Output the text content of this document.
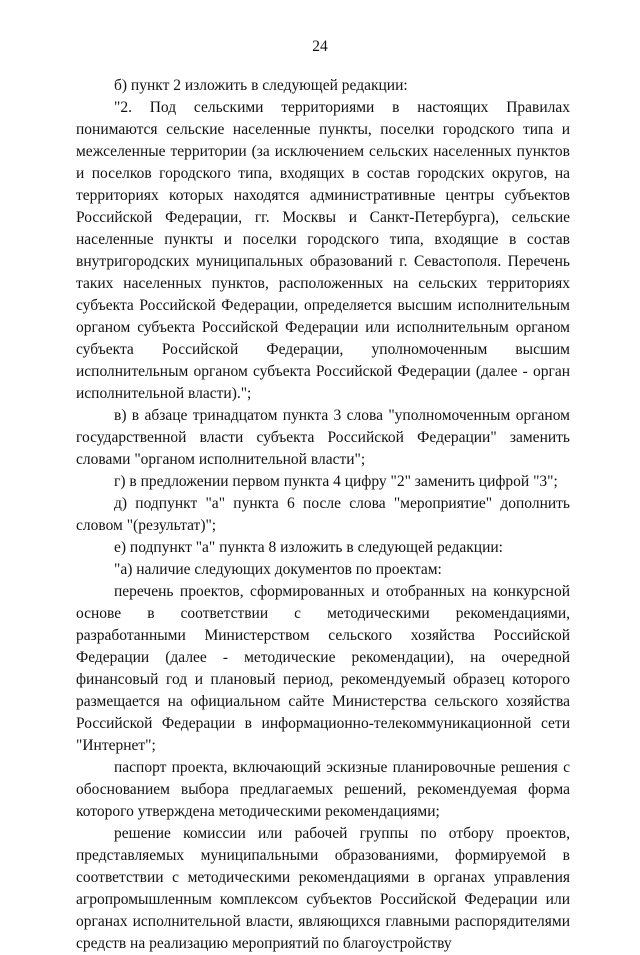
24

б) пункт 2 изложить в следующей редакции:

"2. Под сельскими территориями в настоящих Правилах понимаются сельские населенные пункты, поселки городского типа и межселенные территории (за исключением сельских населенных пунктов и поселков городского типа, входящих в состав городских округов, на территориях которых находятся административные центры субъектов Российской Федерации, гг. Москвы и Санкт-Петербурга), сельские населенные пункты и поселки городского типа, входящие в состав внутригородских муниципальных образований г. Севастополя. Перечень таких населенных пунктов, расположенных на сельских территориях субъекта Российской Федерации, определяется высшим исполнительным органом субъекта Российской Федерации или исполнительным органом субъекта Российской Федерации, уполномоченным высшим исполнительным органом субъекта Российской Федерации (далее - орган исполнительной власти).";

в) в абзаце тринадцатом пункта 3 слова "уполномоченным органом государственной власти субъекта Российской Федерации" заменить словами "органом исполнительной власти";

г) в предложении первом пункта 4 цифру "2" заменить цифрой "3";

д) подпункт "а" пункта 6 после слова "мероприятие" дополнить словом "(результат)";

е) подпункт "а" пункта 8 изложить в следующей редакции:

"а) наличие следующих документов по проектам:

перечень проектов, сформированных и отобранных на конкурсной основе в соответствии с методическими рекомендациями, разработанными Министерством сельского хозяйства Российской Федерации (далее - методические рекомендации), на очередной финансовый год и плановый период, рекомендуемый образец которого размещается на официальном сайте Министерства сельского хозяйства Российской Федерации в информационно-телекоммуникационной сети "Интернет";

паспорт проекта, включающий эскизные планировочные решения с обоснованием выбора предлагаемых решений, рекомендуемая форма которого утверждена методическими рекомендациями;

решение комиссии или рабочей группы по отбору проектов, представляемых муниципальными образованиями, формируемой в соответствии с методическими рекомендациями в органах управления агропромышленным комплексом субъектов Российской Федерации или органах исполнительной власти, являющихся главными распорядителями средств на реализацию мероприятий по благоустройству
